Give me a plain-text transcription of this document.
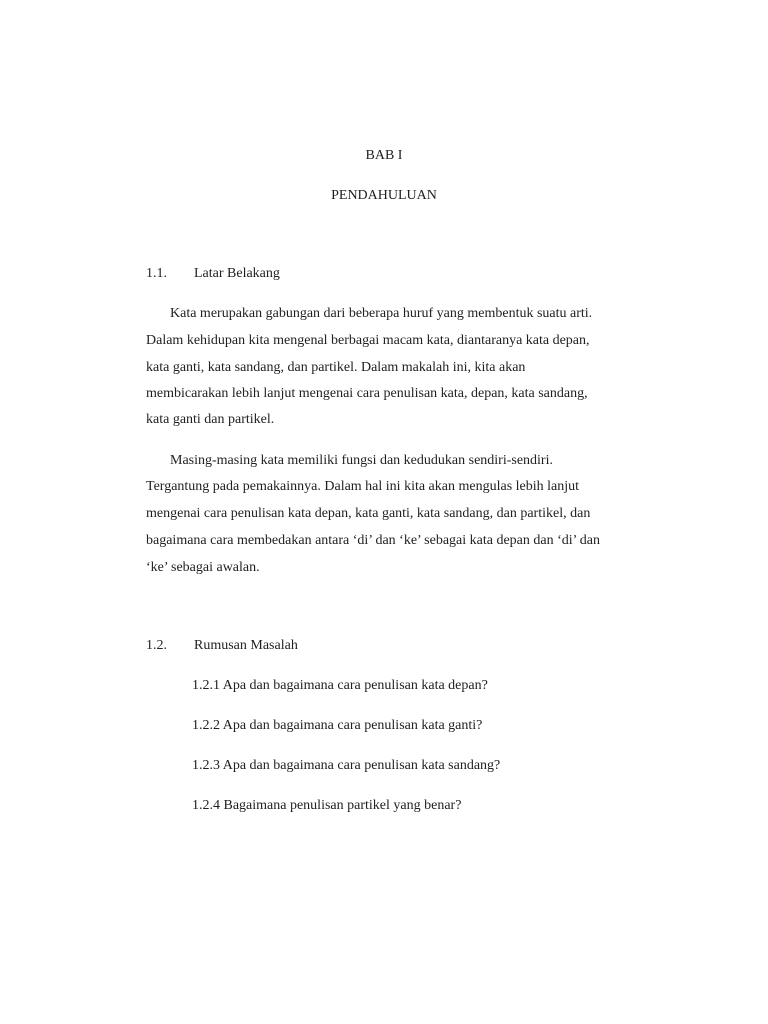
BAB I
PENDAHULUAN
1.1. Latar Belakang
Kata merupakan gabungan dari beberapa huruf yang membentuk suatu arti.
Dalam kehidupan kita mengenal berbagai macam kata, diantaranya kata depan,
kata ganti, kata sandang, dan partikel. Dalam makalah ini, kita akan
membicarakan lebih lanjut mengenai cara penulisan kata, depan, kata sandang,
kata ganti dan partikel.
Masing-masing kata memiliki fungsi dan kedudukan sendiri-sendiri.
Tergantung pada pemakainnya. Dalam hal ini kita akan mengulas lebih lanjut
mengenai cara penulisan kata depan, kata ganti, kata sandang, dan partikel, dan
bagaimana cara membedakan antara ‘di’ dan ‘ke’ sebagai kata depan dan ‘di’ dan
‘ke’ sebagai awalan.
1.2. Rumusan Masalah
1.2.1 Apa dan bagaimana cara penulisan kata depan?
1.2.2 Apa dan bagaimana cara penulisan kata ganti?
1.2.3 Apa dan bagaimana cara penulisan kata sandang?
1.2.4 Bagaimana penulisan partikel yang benar?
